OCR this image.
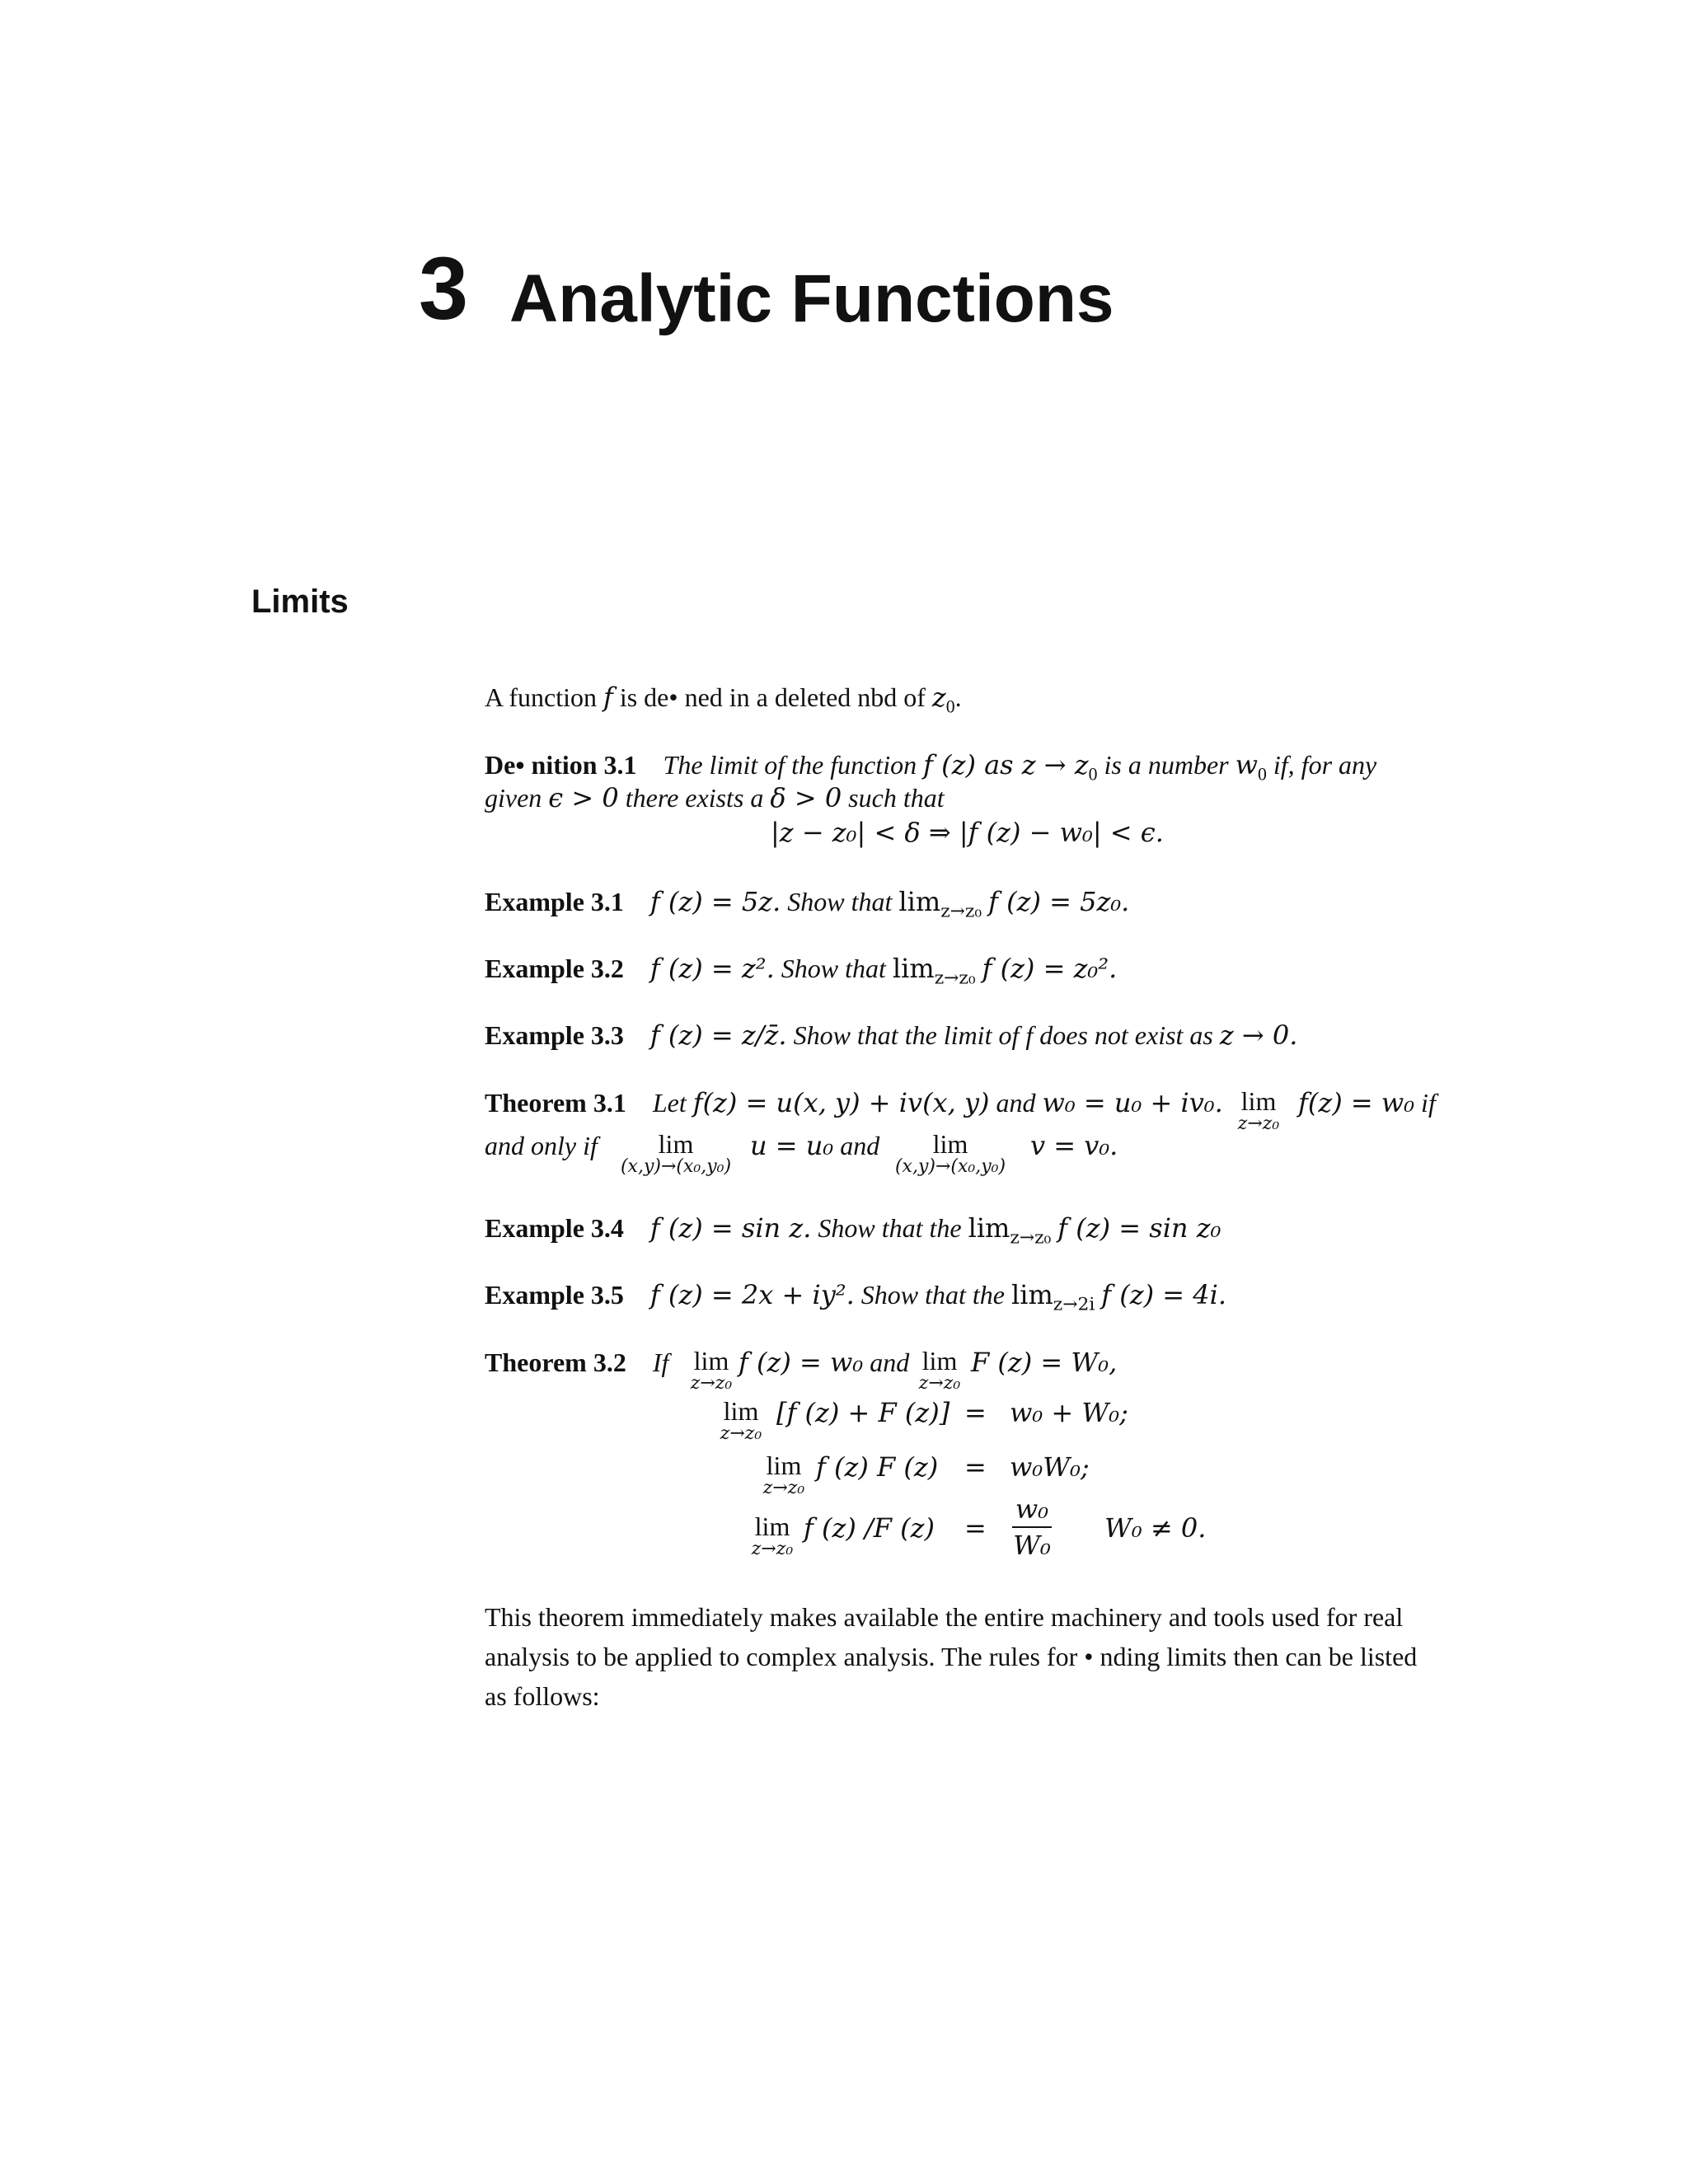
3 Analytic Functions
Limits
A function f is de• ned in a deleted nbd of $z_0$.
De• nition 3.1 The limit of the function f (z) as $z \to z_0$ is a number $w_0$ if, for any
given ϵ > 0 there exists a δ > 0 such that
|z − z₀| < δ ⇒ |f (z) − w₀| < ϵ.
Example 3.1 f (z) = 5z. Show that $\lim_{z\to z_0} f$ (z) = 5z₀.
Example 3.2 f (z) = z². Show that $\lim_{z\to z_0} f$ (z) = z₀².
Example 3.3 f (z) = z/z̄. Show that the limit of f does not exist as z → 0.
Theorem 3.1 Let f(z) = u(x, y) + iv(x, y) and w₀ = u₀ + iv₀. lim
z→z₀
f(z) = w₀ if
and only if	lim
(x,y)→(x₀,y₀)
u = u₀ and	lim
(x,y)→(x₀,y₀)
v = v₀.
Example 3.4 f (z) = sin z. Show that the $\lim_{z\to z_0} f$ (z) = sin z₀
Example 3.5 f (z) = 2x + iy². Show that the $\lim_{z\to 2i} f$ (z) = 4i.
Theorem 3.2 If lim
z→z₀
f (z) = w₀ and lim
z→z₀
F (z) = W₀,
lim
z→z₀
[f (z) + F (z)] = w₀ + W₀;
lim
z→z₀
f (z) F (z) = w₀W₀;
lim
z→z₀
f (z) /F (z) =
w₀
W₀
W₀ ≠ 0.
This theorem immediately makes available the entire machinery and tools used for real
analysis to be applied to complex analysis. The rules for • nding limits then can be listed
as follows:
